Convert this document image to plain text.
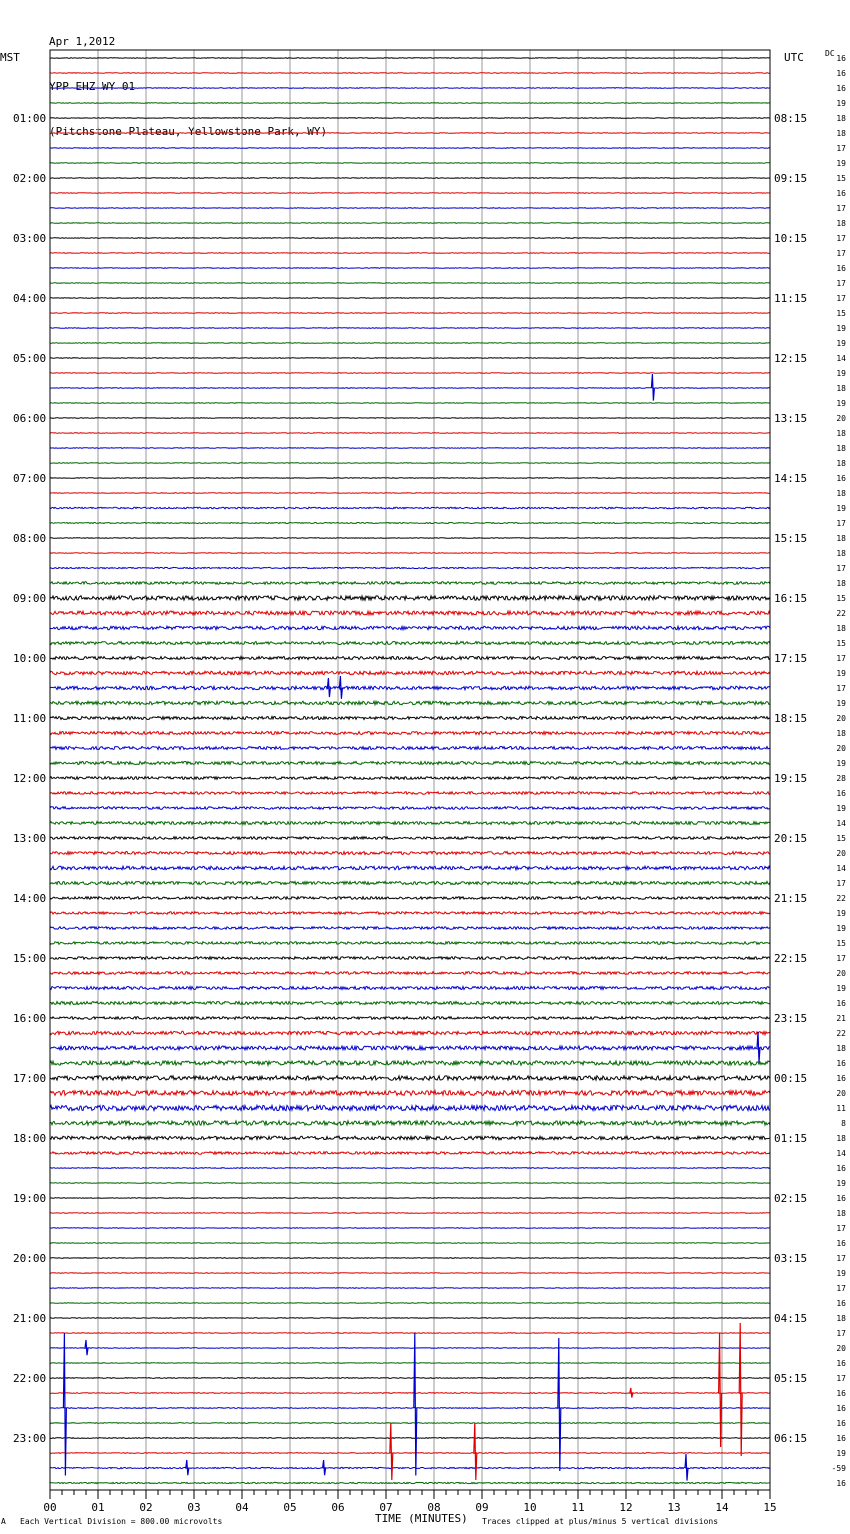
Apr 1,2012

YPP EHZ WY 01

(Pitchstone Plateau, Yellowstone Park, WY)

MST	UTC	DC
01:00
02:00
03:00
04:00
05:00
06:00
07:00
08:00
09:00
10:00
11:00
12:00
13:00
14:00
15:00
16:00
17:00
18:00
19:00
20:00
21:00
22:00
23:00
08:15
09:15
10:15
11:15
12:15
13:15
14:15
15:15
16:15
17:15
18:15
19:15
20:15
21:15
22:15
23:15
00:15
01:15
02:15
03:15
04:15
05:15
06:15
16
16
16
19
18
18
17
19
15
16
17
18
17
17
16
17
17
15
19
19
14
19
18
19
20
18
18
18
16
18
19
17
18
18
17
18
15
22
18
15
17
19
17
19
20
18
20
19
28
16
19
14
15
20
14
17
22
19
19
15
17
20
19
16
21
22
18
16
16
20
11
8
18
14
16
19
16
18
17
16
17
19
17
16
18
17
20
16
17
16
16
16
16
19
-59
16
00	01	02	03	04	05	06	07	08	09	10	11	12	13	14	15
TIME (MINUTES)
A Each Vertical Division = 800.00 microvolts	Traces clipped at plus/minus 5 vertical divisions
